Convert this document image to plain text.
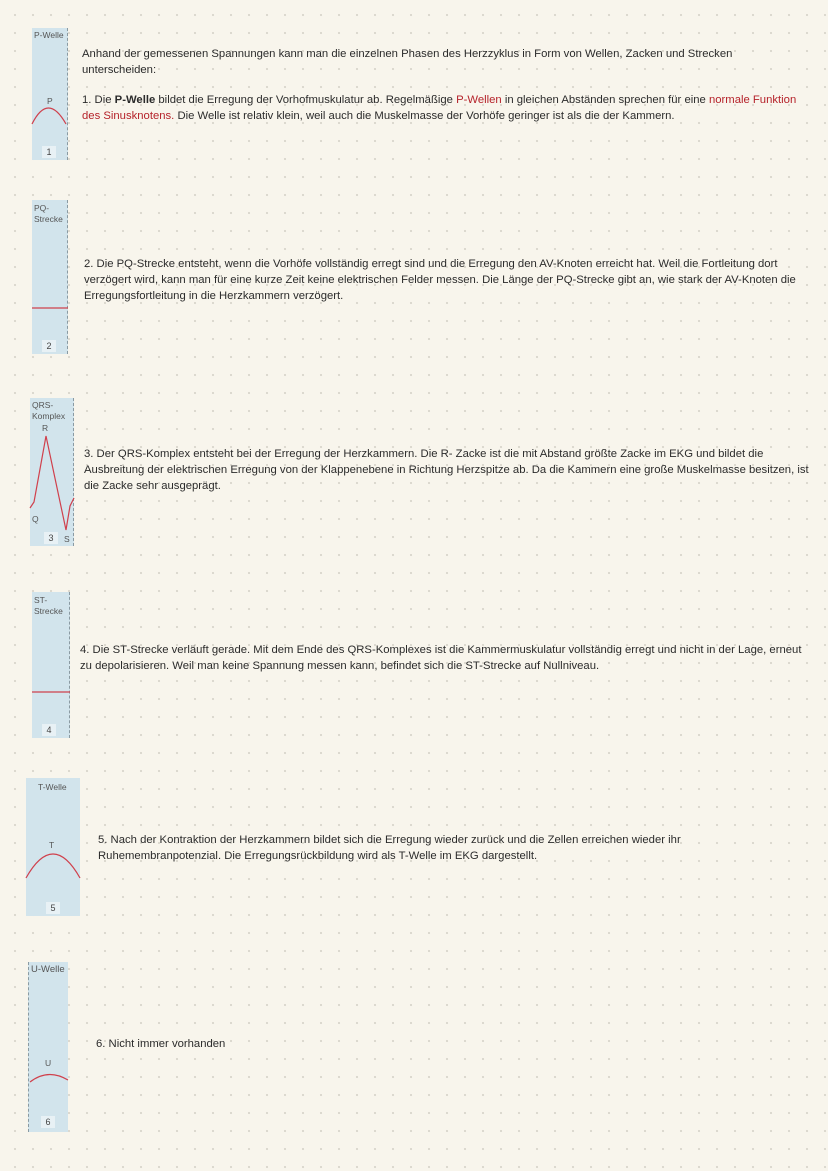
P-Welle
P
1
PQ-
Strecke
2
QRS-
Komplex
R
Q
S
3
ST-
Strecke
4
T-Welle
T
5
U-Welle
U
6

Anhand der gemessenen Spannungen kann man die einzelnen Phasen des Herzzyklus in Form von Wellen, Zacken und Strecken unterscheiden:

1. Die P-Welle bildet die Erregung der Vorhofmuskulatur ab. Regelmäßige P-Wellen in gleichen Abständen sprechen für eine normale Funktion des Sinusknotens. Die Welle ist relativ klein, weil auch die Muskelmasse der Vorhöfe geringer ist als die der Kammern.

2. Die PQ-Strecke entsteht, wenn die Vorhöfe vollständig erregt sind und die Erregung den AV-Knoten erreicht hat. Weil die Fortleitung dort verzögert wird, kann man für eine kurze Zeit keine elektrischen Felder messen. Die Länge der PQ-Strecke gibt an, wie stark der AV-Knoten die Erregungsfortleitung in die Herzkammern verzögert.

3. Der QRS-Komplex entsteht bei der Erregung der Herzkammern. Die R- Zacke ist die mit Abstand größte Zacke im EKG und bildet die Ausbreitung der elektrischen Erregung von der Klappenebene in Richtung Herzspitze ab. Da die Kammern eine große Muskelmasse besitzen, ist die Zacke sehr ausgeprägt.

4. Die ST-Strecke verläuft gerade. Mit dem Ende des QRS-Komplexes ist die Kammermuskulatur vollständig erregt und nicht in der Lage, erneut zu depolarisieren. Weil man keine Spannung messen kann, befindet sich die ST-Strecke auf Nullniveau.

5. Nach der Kontraktion der Herzkammern bildet sich die Erregung wieder zurück und die Zellen erreichen wieder ihr Ruhemembranpotenzial. Die Erregungsrückbildung wird als T-Welle im EKG dargestellt.

6. Nicht immer vorhanden
